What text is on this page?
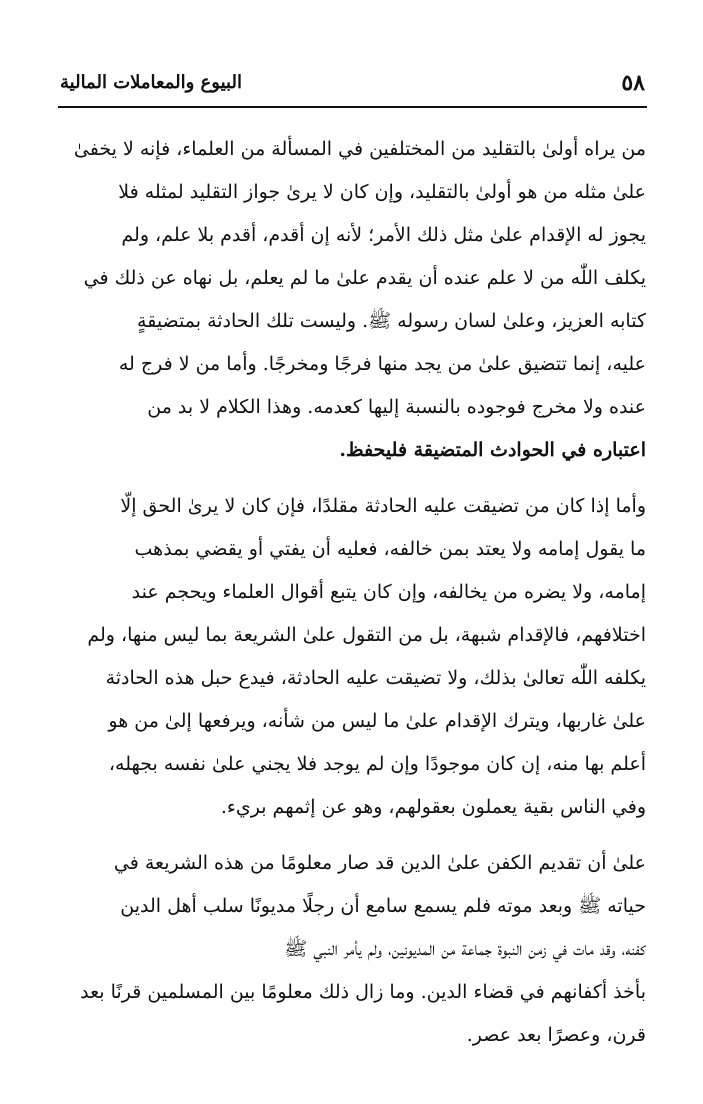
٥٨
البيوع والمعاملات المالية
من يراه أولىٰ بالتقليد من المختلفين في المسألة من العلماء، فإنه لا يخفىٰ
علىٰ مثله من هو أولىٰ بالتقليد، وإن كان لا يرىٰ جواز التقليد لمثله فلا
يجوز له الإقدام علىٰ مثل ذلك الأمر؛ لأنه إن أقدم، أقدم بلا علم، ولم
يكلف اللّٰه من لا علم عنده أن يقدم علىٰ ما لم يعلم، بل نهاه عن ذلك في
كتابه العزيز، وعلىٰ لسان رسوله ﷺ. وليست تلك الحادثة بمتضيقةٍ
عليه، إنما تتضيق علىٰ من يجد منها فرجًا ومخرجًا. وأما من لا فرج له
عنده ولا مخرج فوجوده بالنسبة إليها كعدمه. وهذا الكلام لا بد من
اعتباره في الحوادث المتضيقة فليحفظ.
وأما إذا كان من تضيقت عليه الحادثة مقلدًا، فإن كان لا يرىٰ الحق إلّا
ما يقول إمامه ولا يعتد بمن خالفه، فعليه أن يفتي أو يقضي بمذهب
إمامه، ولا يضره من يخالفه، وإن كان يتبع أقوال العلماء ويحجم عند
اختلافهم، فالإقدام شبهة، بل من التقول علىٰ الشريعة بما ليس منها، ولم
يكلفه اللّٰه تعالىٰ بذلك، ولا تضيقت عليه الحادثة، فيدع حبل هذه الحادثة
علىٰ غاربها، ويترك الإقدام علىٰ ما ليس من شأنه، ويرفعها إلىٰ من هو
أعلم بها منه، إن كان موجودًا وإن لم يوجد فلا يجني علىٰ نفسه بجهله،
وفي الناس بقية يعملون بعقولهم، وهو عن إثمهم بريء.
علىٰ أن تقديم الكفن علىٰ الدين قد صار معلومًا من هذه الشريعة في
حياته ﷺ وبعد موته فلم يسمع سامع أن رجلًا مديونًا سلب أهل الدين
كفنه، وقد مات في زمن النبوة جماعة من المديونين، ولم يأمر النبي ﷺ
بأخذ أكفانهم في قضاء الدين. وما زال ذلك معلومًا بين المسلمين قرنًا بعد
قرن، وعصرًا بعد عصر.
